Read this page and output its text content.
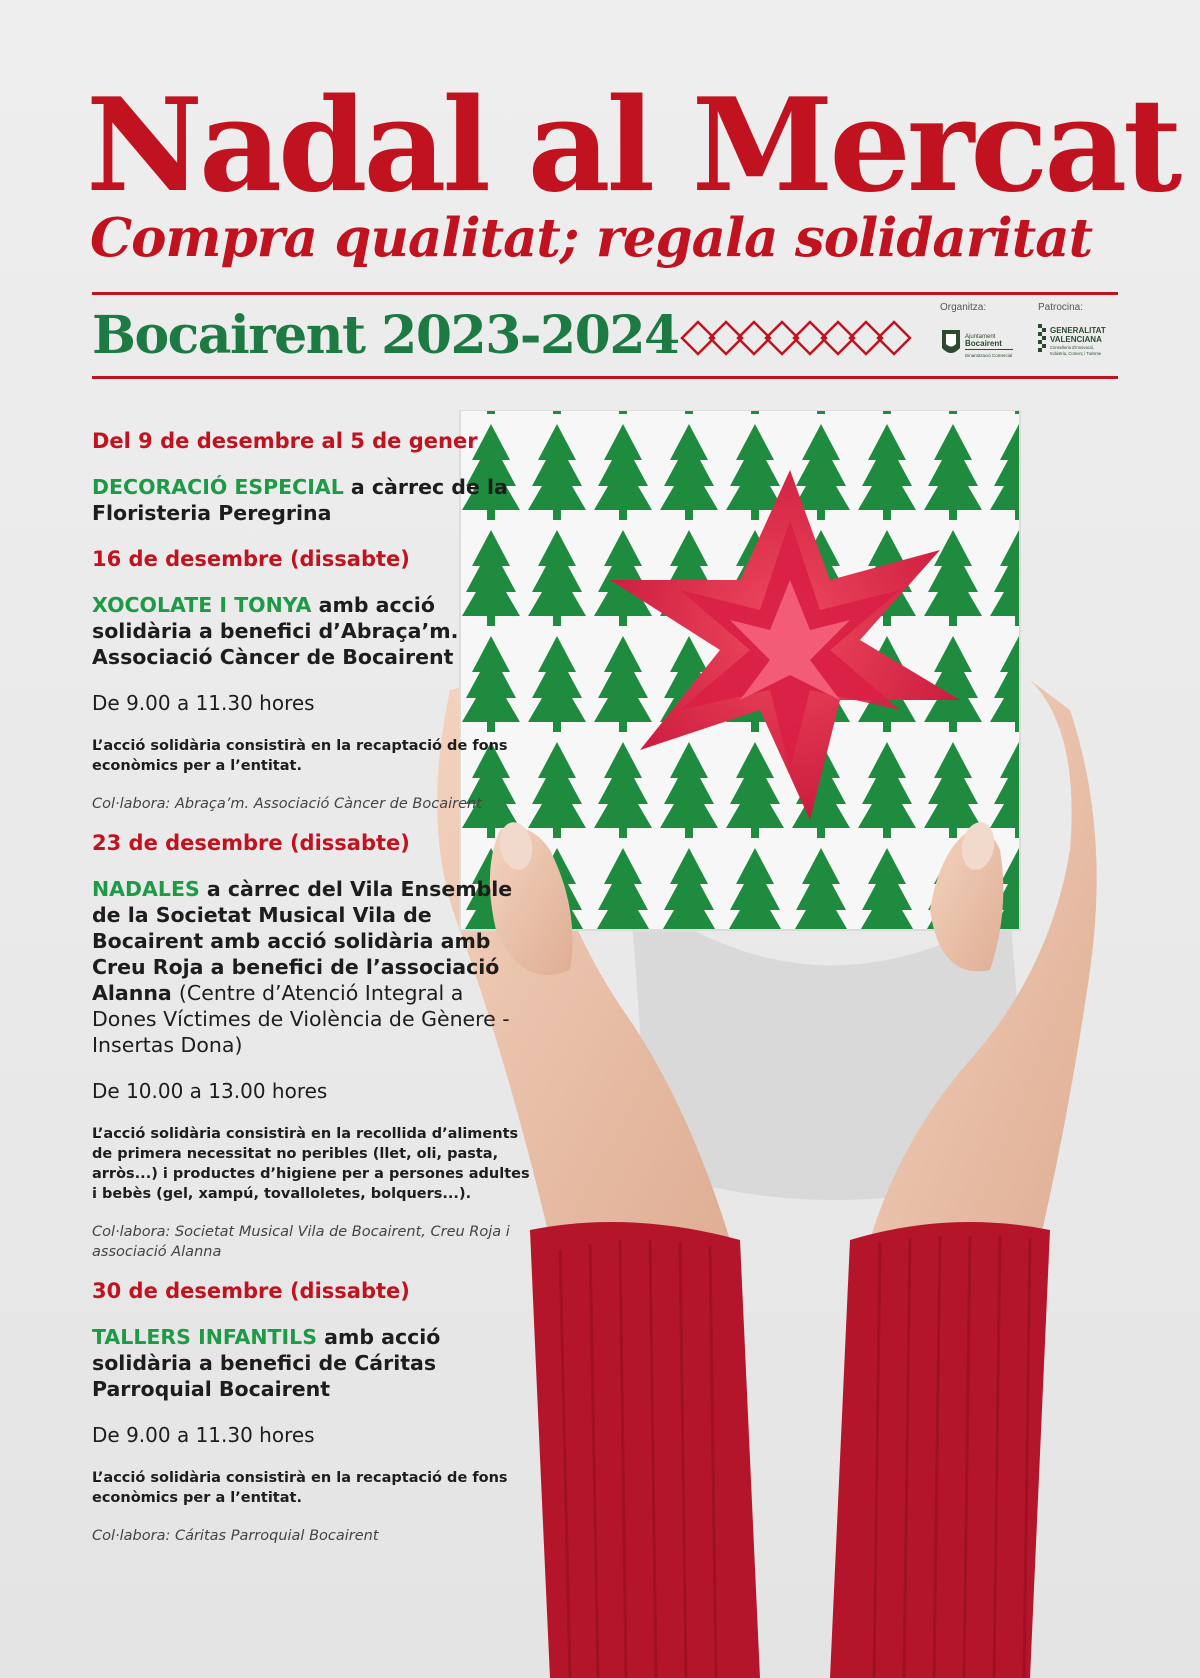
Nadal al Mercat
Compra qualitat; regala solidaritat
Bocairent 2023-2024	Organitza:	Patrocina:
Ajuntament
Bocairent
Dinamització Comercial
GENERALITAT
VALENCIANA
Conselleria d'Innovació,
Indústria, Comerç i Turisme

Del 9 de desembre al 5 de gener

DECORACIÓ ESPECIAL a càrrec de la Floristeria Peregrina

16 de desembre (dissabte)

XOCOLATE I TONYA amb acció solidària a benefici d’Abraça’m. Associació Càncer de Bocairent

De 9.00 a 11.30 hores

L’acció solidària consistirà en la recaptació de fons econòmics per a l’entitat.

Col·labora: Abraça’m. Associació Càncer de Bocairent

23 de desembre (dissabte)

NADALES a càrrec del Vila Ensemble de la Societat Musical Vila de Bocairent amb acció solidària amb Creu Roja a benefici de l’associació Alanna (Centre d’Atenció Integral a Dones Víctimes de Violència de Gènere - Insertas Dona)

De 10.00 a 13.00 hores

L’acció solidària consistirà en la recollida d’aliments de primera necessitat no peribles (llet, oli, pasta, arròs...) i productes d’higiene per a persones adultes i bebès (gel, xampú, tovalloletes, bolquers...).

Col·labora: Societat Musical Vila de Bocairent, Creu Roja i associació Alanna

30 de desembre (dissabte)

TALLERS INFANTILS amb acció solidària a benefici de Cáritas Parroquial Bocairent

De 9.00 a 11.30 hores

L’acció solidària consistirà en la recaptació de fons econòmics per a l’entitat.

Col·labora: Cáritas Parroquial Bocairent
